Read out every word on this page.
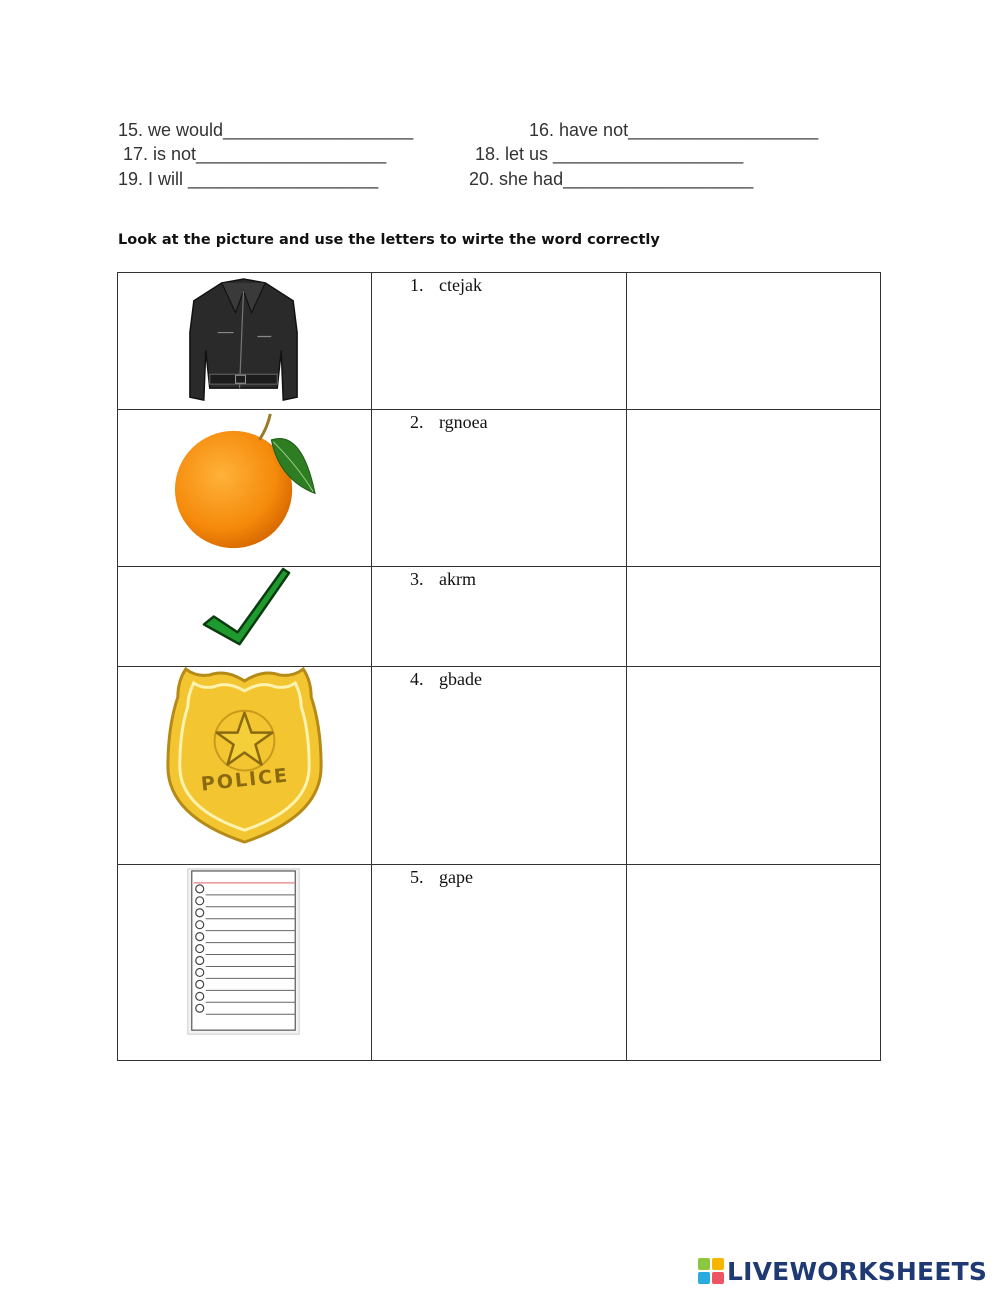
15. we would___________________	16. have not___________________
17. is not___________________	18. let us ___________________
19. I will ___________________	20. she had___________________
Look at the picture and use the letters to wirte the word correctly

1. ctejak	

2. rgnoea	

3. akrm	

POLICE	4. gbade	

5. gape	

LIVEWORKSHEETS
